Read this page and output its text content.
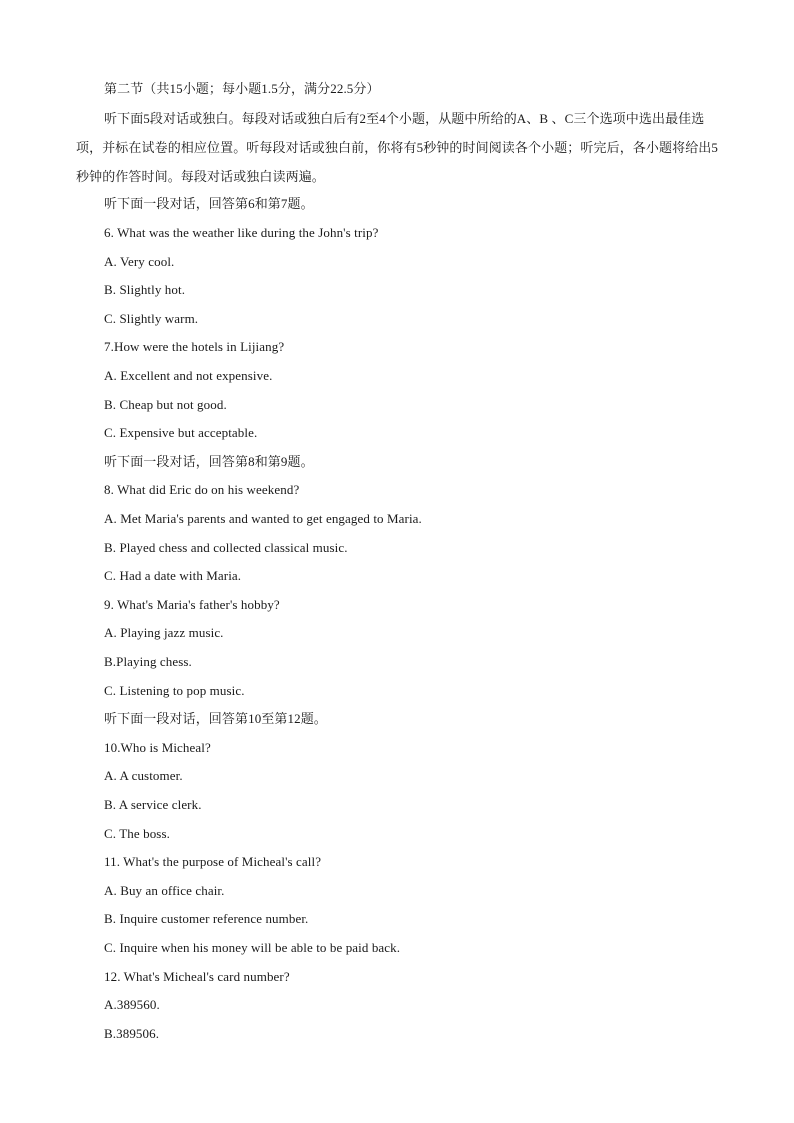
第二节（共15小题；每小题1.5分，满分22.5分）
听下面5段对话或独白。每段对话或独白后有2至4个小题，从题中所给的A、B 、C三个选项中选出最佳选项，并标在试卷的相应位置。听每段对话或独白前，你将有5秒钟的时间阅读各个小题；听完后，各小题将给出5秒钟的作答时间。每段对话或独白读两遍。
听下面一段对话，回答第6和第7题。
6. What was the weather like during the John's trip?
A. Very cool.
B. Slightly hot.
C. Slightly warm.
7.How were the hotels in Lijiang?
A. Excellent and not expensive.
B. Cheap but not good.
C. Expensive but acceptable.
听下面一段对话，回答第8和第9题。
8. What did Eric do on his weekend?
A. Met Maria's parents and wanted to get engaged to Maria.
B. Played chess and collected classical music.
C. Had a date with Maria.
9. What's Maria's father's hobby?
A. Playing jazz music.
B.Playing chess.
C. Listening to pop music.
听下面一段对话，回答第10至第12题。
10.Who is Micheal?
A. A customer.
B. A service clerk.
C. The boss.
11. What's the purpose of Micheal's call?
A. Buy an office chair.
B. Inquire customer reference number.
C. Inquire when his money will be able to be paid back.
12. What's Micheal's card number?
A.389560.
B.389506.
